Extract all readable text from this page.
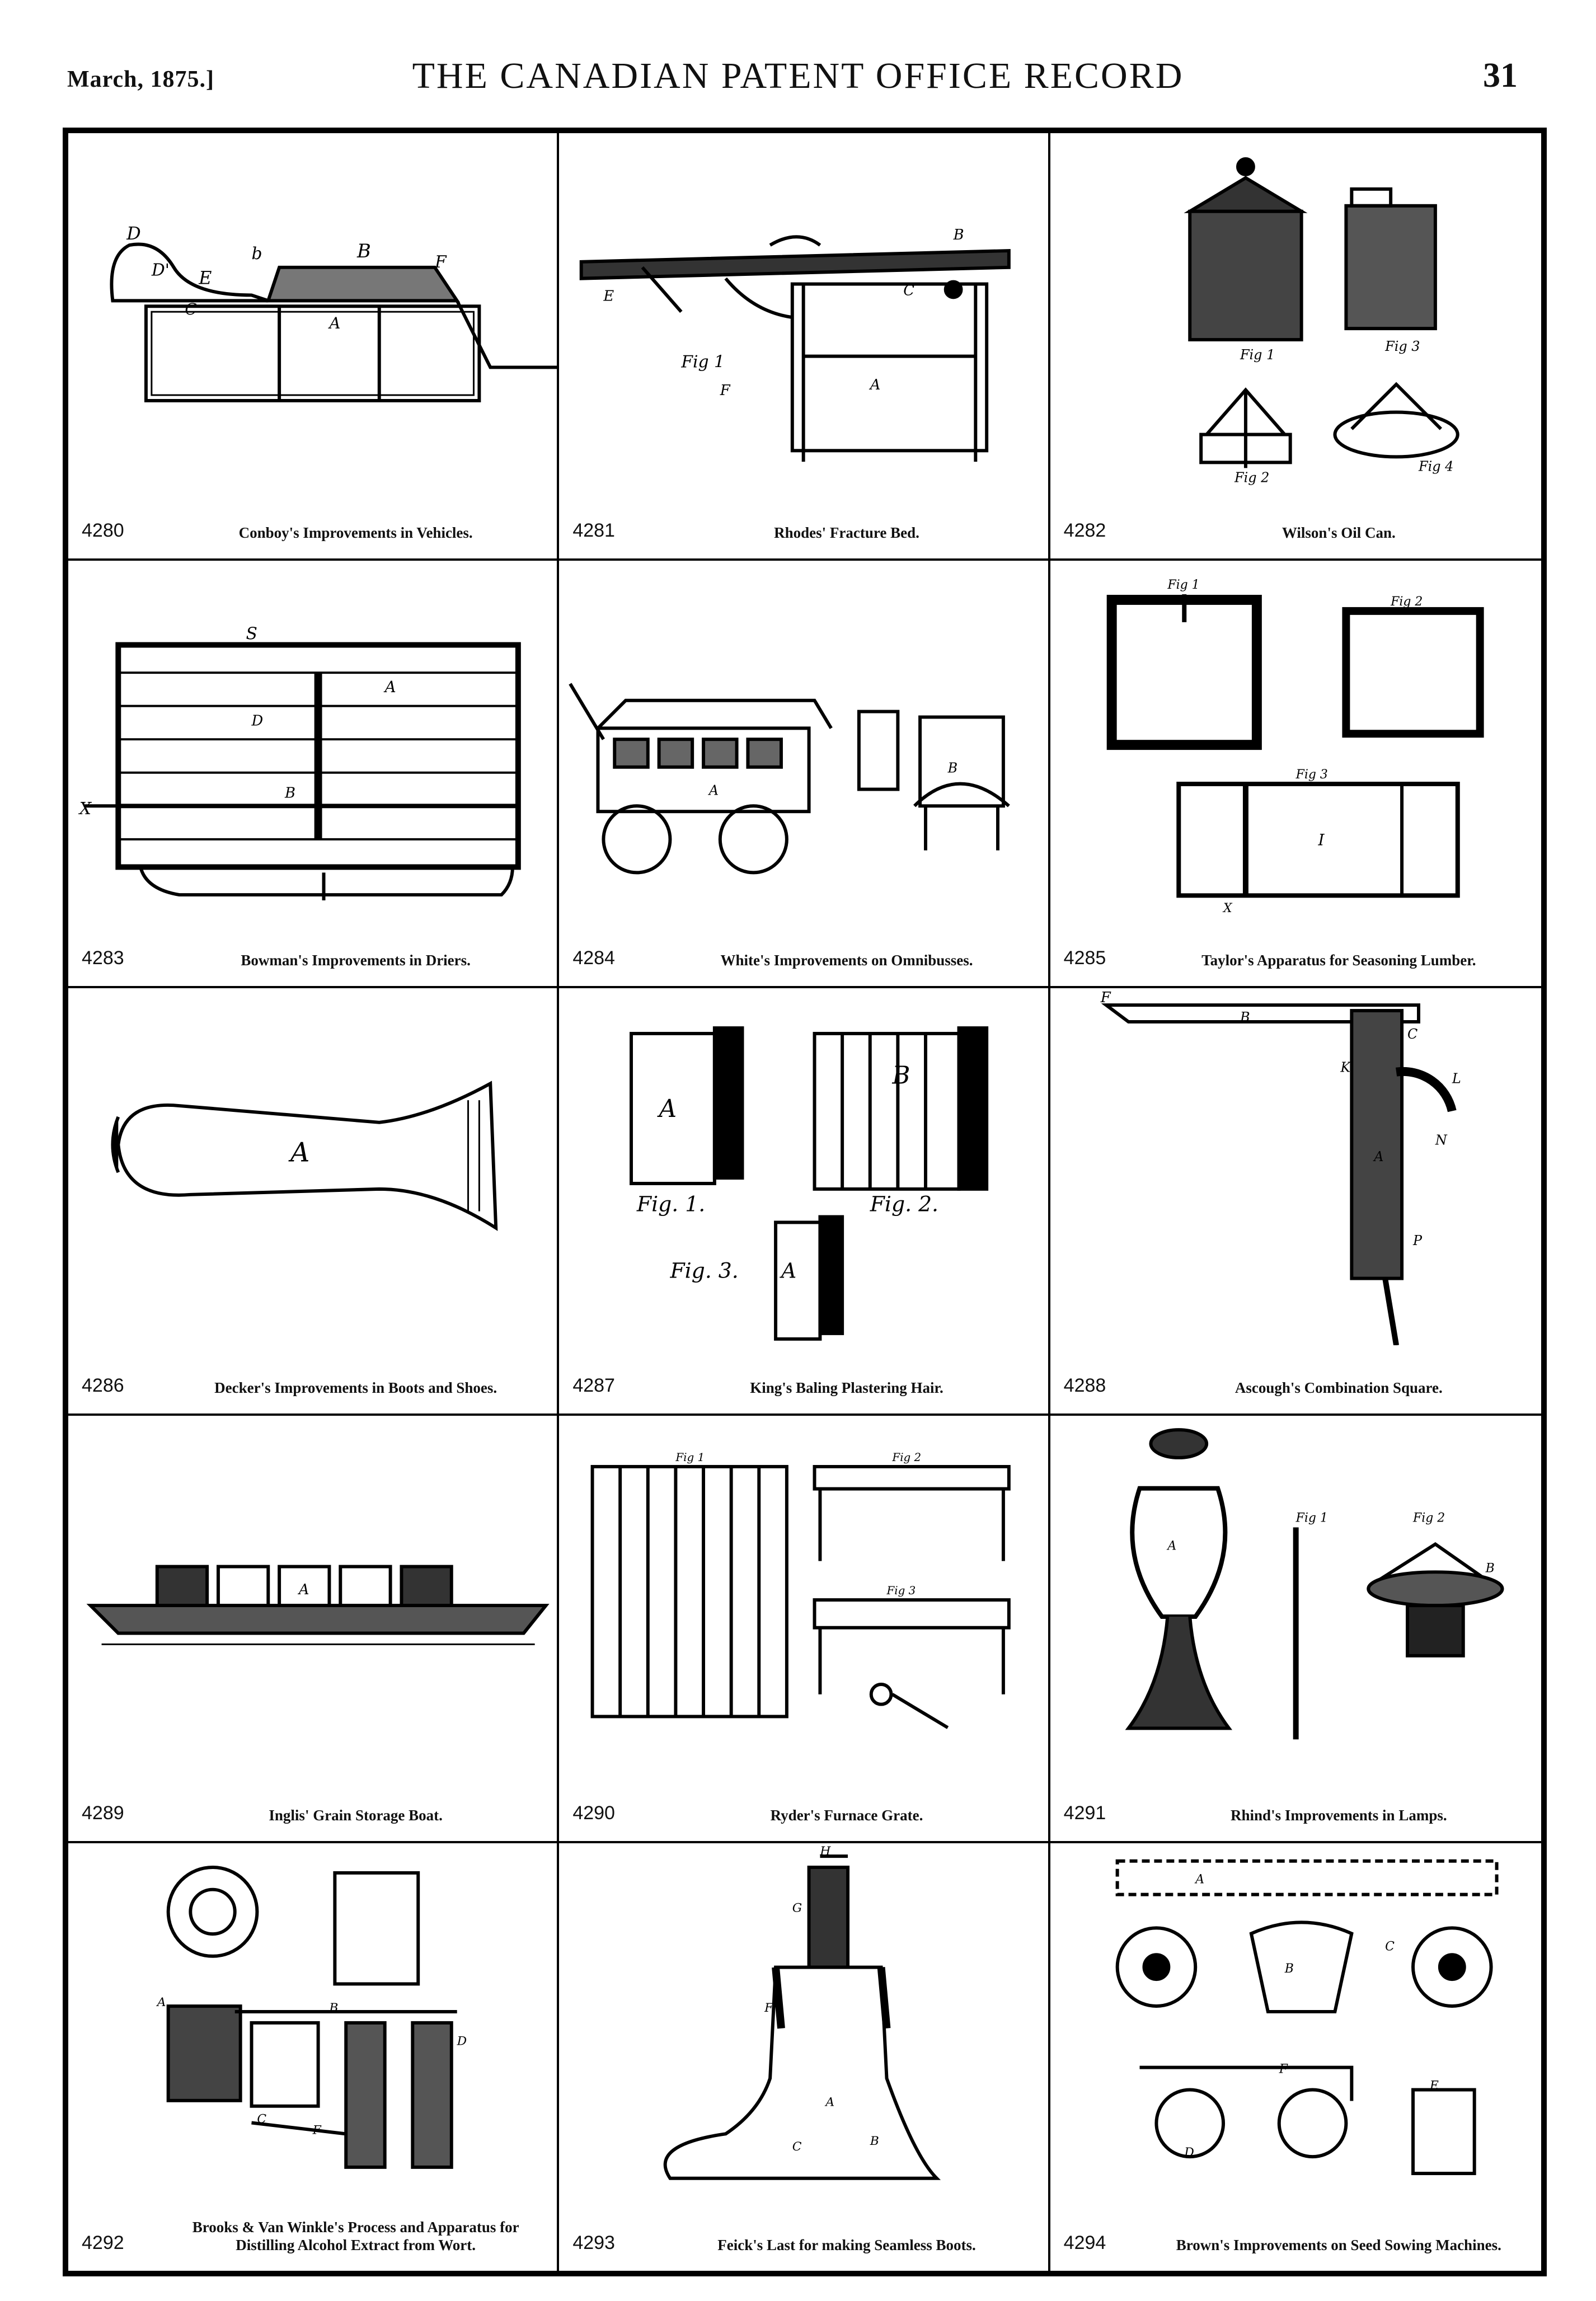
March, 1875.]	THE CANADIAN PATENT OFFICE RECORD	31
D
D' E
C
b	B
F
A
4280	Conboy's Improvements in Vehicles.
Fig 1
B
C
A
F
E
4281	Rhodes' Fracture Bed.
Fig 1
Fig 3
Fig 2
Fig 4
4282	Wilson's Oil Can.
S
A
X
B
D
4283	Bowman's Improvements in Driers.
A
B
4284	White's Improvements on Omnibusses.
Fig 1
Fig 2
Fig 3
X
I
4285	Taylor's Apparatus for Seasoning Lumber.
A
4286	Decker's Improvements in Boots and Shoes.
A
B
Fig. 1.	Fig. 2.
Fig. 3. A
4287	King's Baling Plastering Hair.
F
B
C
K
A
N
P
L
4288	Ascough's Combination Square.
A
4289	Inglis' Grain Storage Boat.
Fig 1	Fig 2
Fig 3
4290	Ryder's Furnace Grate.
Fig 1	Fig 2
A
B
4291	Rhind's Improvements in Lamps.
A	B
C
D
F
4292
Brooks & Van Winkle's Process and Apparatus for Distilling Alcohol Extract from Wort.
G
H
F
A
B
C
4293	Feick's Last for making Seamless Boots.
A
B
C
D
E
F
4294	Brown's Improvements on Seed Sowing Machines.
